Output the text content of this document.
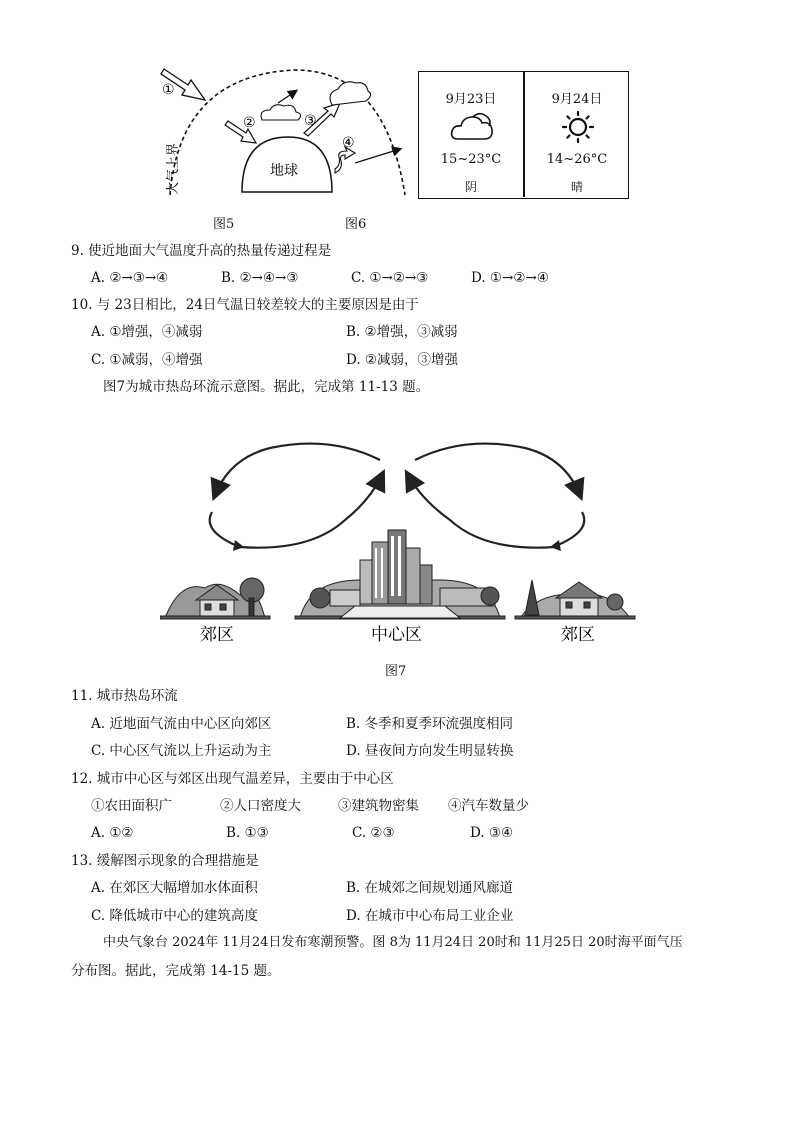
①
②	③
④
地球
大气上界
图5
9月23日
15~23°C
阴
9月24日
14~26°C
晴
图6
9. 使近地面大气温度升高的热量传递过程是
A. ②→③→④	B. ②→④→③	C. ①→②→③	D. ①→②→④
10. 与 23日相比，24日气温日较差较大的主要原因是由于
A. ①增强，④减弱	B. ②增强，③减弱
C. ①减弱，④增强	D. ②减弱，③增强
图7为城市热岛环流示意图。据此，完成第 11-13 题。
郊区	中心区	郊区
图7
11. 城市热岛环流
A. 近地面气流由中心区向郊区	B. 冬季和夏季环流强度相同
C. 中心区气流以上升运动为主	D. 昼夜间方向发生明显转换
12. 城市中心区与郊区出现气温差异，主要由于中心区
①农田面积广	②人口密度大	③建筑物密集 ④汽车数量少
A. ①②	B. ①③	C. ②③	D. ③④
13. 缓解图示现象的合理措施是
A. 在郊区大幅增加水体面积	B. 在城郊之间规划通风廊道
C. 降低城市中心的建筑高度	D. 在城市中心布局工业企业
中央气象台 2024年 11月24日发布寒潮预警。图 8为 11月24日 20时和 11月25日 20时海平面气压
分布图。据此，完成第 14-15 题。
